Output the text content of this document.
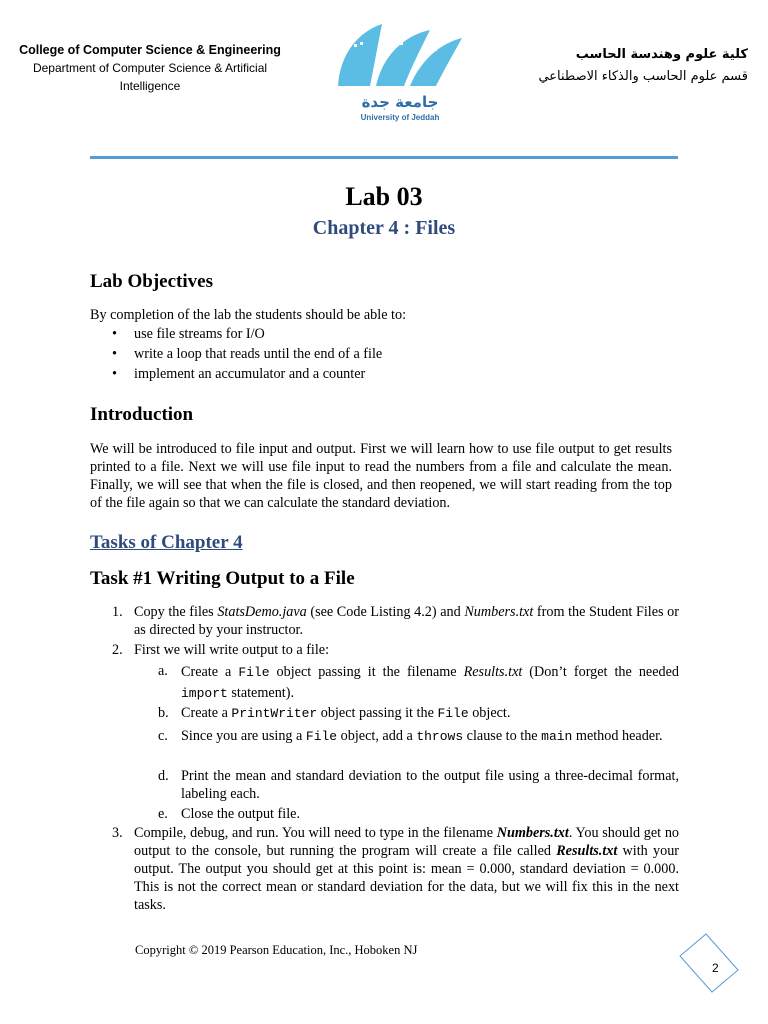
College of Computer Science & Engineering
Department of Computer Science & Artificial
Intelligence
جامعة جدة
University of Jeddah
كلية علوم وهندسة الحاسب
قسم علوم الحاسب والذكاء الاصطناعي
Lab 03
Chapter 4 : Files
Lab Objectives
By completion of the lab the students should be able to:
• use file streams for I/O
• write a loop that reads until the end of a file
• implement an accumulator and a counter
Introduction
We will be introduced to file input and output. First we will learn how to use file output to get results printed to a file. Next we will use file input to read the numbers from a file and calculate the mean. Finally, we will see that when the file is closed, and then reopened, we will start reading from the top of the file again so that we can calculate the standard deviation.
Tasks of Chapter 4
Task #1 Writing Output to a File
1. Copy the files StatsDemo.java (see Code Listing 4.2) and Numbers.txt from the Student Files or as directed by your instructor.
2. First we will write output to a file:
a. Create a File object passing it the filename Results.txt (Don’t forget the needed import statement).
b. Create a PrintWriter object passing it the File object.
c. Since you are using a File object, add a throws clause to the main method header.
d. Print the mean and standard deviation to the output file using a three-decimal format, labeling each.
e. Close the output file.
3. Compile, debug, and run. You will need to type in the filename Numbers.txt. You should get no output to the console, but running the program will create a file called Results.txt with your output. The output you should get at this point is: mean = 0.000, standard deviation = 0.000. This is not the correct mean or standard deviation for the data, but we will fix this in the next tasks.
Copyright © 2019 Pearson Education, Inc., Hoboken NJ
2
